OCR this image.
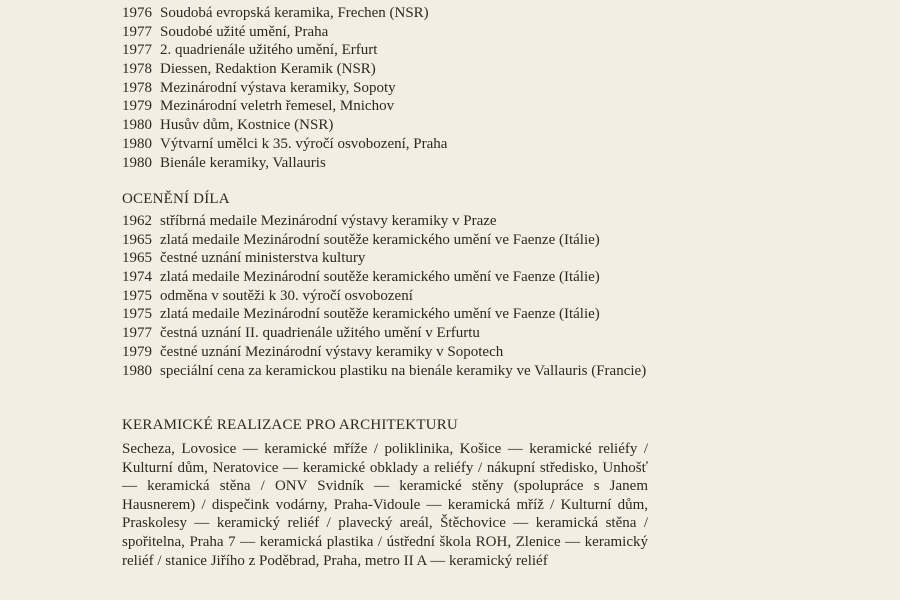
1976 Soudobá evropská keramika, Frechen (NSR)
1977 Soudobé užité umění, Praha
1977 2. quadrienále užitého umění, Erfurt
1978 Diessen, Redaktion Keramik (NSR)
1978 Mezinárodní výstava keramiky, Sopoty
1979 Mezinárodní veletrh řemesel, Mnichov
1980 Husův dům, Kostnice (NSR)
1980 Výtvarní umělci k 35. výročí osvobození, Praha
1980 Bienále keramiky, Vallauris
OCENĚNÍ DÍLA
1962 stříbrná medaile Mezinárodní výstavy keramiky v Praze
1965 zlatá medaile Mezinárodní soutěže keramického umění ve Faenze (Itálie)
1965 čestné uznání ministerstva kultury
1974 zlatá medaile Mezinárodní soutěže keramického umění ve Faenze (Itálie)
1975 odměna v soutěži k 30. výročí osvobození
1975 zlatá medaile Mezinárodní soutěže keramického umění ve Faenze (Itálie)
1977 čestná uznání II. quadrienále užitého umění v Erfurtu
1979 čestné uznání Mezinárodní výstavy keramiky v Sopotech
1980 speciální cena za keramickou plastiku na bienále keramiky ve Vallauris (Francie)
KERAMICKÉ REALIZACE PRO ARCHITEKTURU
Secheza, Lovosice — keramické mříže / poliklinika, Košice — keramické reliéfy / Kulturní dům, Neratovice — keramické obklady a reliéfy / nákupní středisko, Unhošť — keramická stěna / ONV Svidník — keramické stěny (spolupráce s Janem Hausnerem) / dispečink vodárny, Praha-Vidoule — keramická mříž / Kulturní dům, Praskolesy — keramický reliéf / plavecký areál, Štěchovice — keramická stěna / spořitelna, Praha 7 — keramická plastika / ústřední škola ROH, Zlenice — keramický reliéf / stanice Jiřího z Poděbrad, Praha, metro II A — keramický reliéf
